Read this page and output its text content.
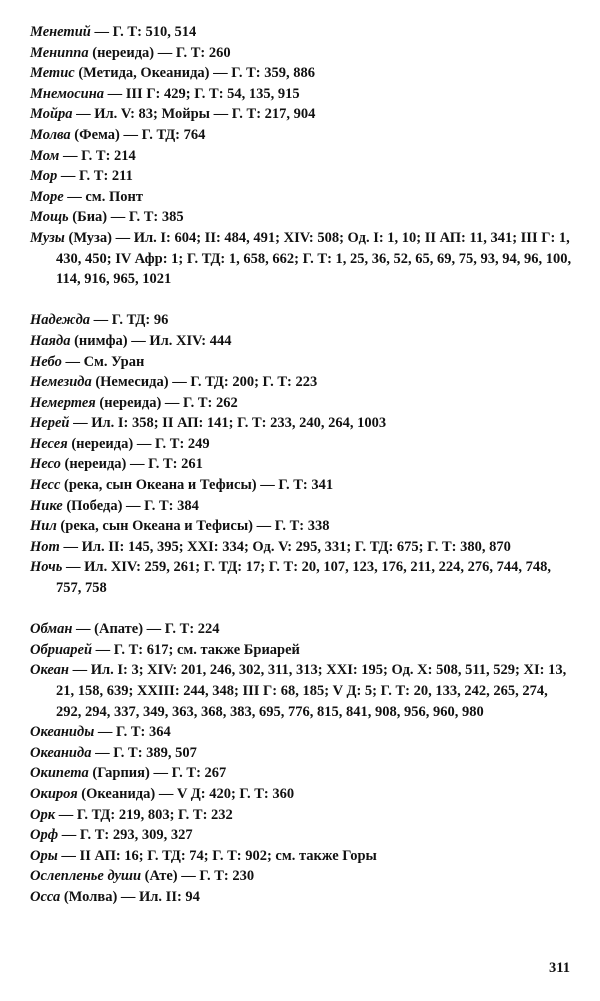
Менетий — Г. Т: 510, 514
Мениппа (нереида) — Г. Т: 260
Метис (Метида, Океанида) — Г. Т: 359, 886
Мнемосина — III Г: 429; Г. Т: 54, 135, 915
Мойра — Ил. V: 83; Мойры — Г. Т: 217, 904
Молва (Фема) — Г. ТД: 764
Мом — Г. Т: 214
Мор — Г. Т: 211
Море — см. Понт
Мощь (Биа) — Г. Т: 385
Музы (Муза) — Ил. I: 604; II: 484, 491; XIV: 508; Од. I: 1, 10; II АП: 11, 341; III Г: 1, 430, 450; IV Афр: 1; Г. ТД: 1, 658, 662; Г. Т: 1, 25, 36, 52, 65, 69, 75, 93, 94, 96, 100, 114, 916, 965, 1021
Надежда — Г. ТД: 96
Наяда (нимфа) — Ил. XIV: 444
Небо — См. Уран
Немезида (Немесида) — Г. ТД: 200; Г. Т: 223
Немертея (нереида) — Г. Т: 262
Нерей — Ил. I: 358; II АП: 141; Г. Т: 233, 240, 264, 1003
Несея (нереида) — Г. Т: 249
Несо (нереида) — Г. Т: 261
Несс (река, сын Океана и Тефисы) — Г. Т: 341
Нике (Победа) — Г. Т: 384
Нил (река, сын Океана и Тефисы) — Г. Т: 338
Нот — Ил. II: 145, 395; XXI: 334; Од. V: 295, 331; Г. ТД: 675; Г. Т: 380, 870
Ночь — Ил. XIV: 259, 261; Г. ТД: 17; Г. Т: 20, 107, 123, 176, 211, 224, 276, 744, 748, 757, 758
Обман — (Апате) — Г. Т: 224
Обриарей — Г. Т: 617; см. также Бриарей
Океан — Ил. I: 3; XIV: 201, 246, 302, 311, 313; XXI: 195; Од. X: 508, 511, 529; XI: 13, 21, 158, 639; XXIII: 244, 348; III Г: 68, 185; V Д: 5; Г. Т: 20, 133, 242, 265, 274, 292, 294, 337, 349, 363, 368, 383, 695, 776, 815, 841, 908, 956, 960, 980
Океаниды — Г. Т: 364
Океанида — Г. Т: 389, 507
Окипета (Гарпия) — Г. Т: 267
Окироя (Океанида) — V Д: 420; Г. Т: 360
Орк — Г. ТД: 219, 803; Г. Т: 232
Орф — Г. Т: 293, 309, 327
Оры — II АП: 16; Г. ТД: 74; Г. Т: 902; см. также Горы
Ослепленье души (Ате) — Г. Т: 230
Осса (Молва) — Ил. II: 94
311
